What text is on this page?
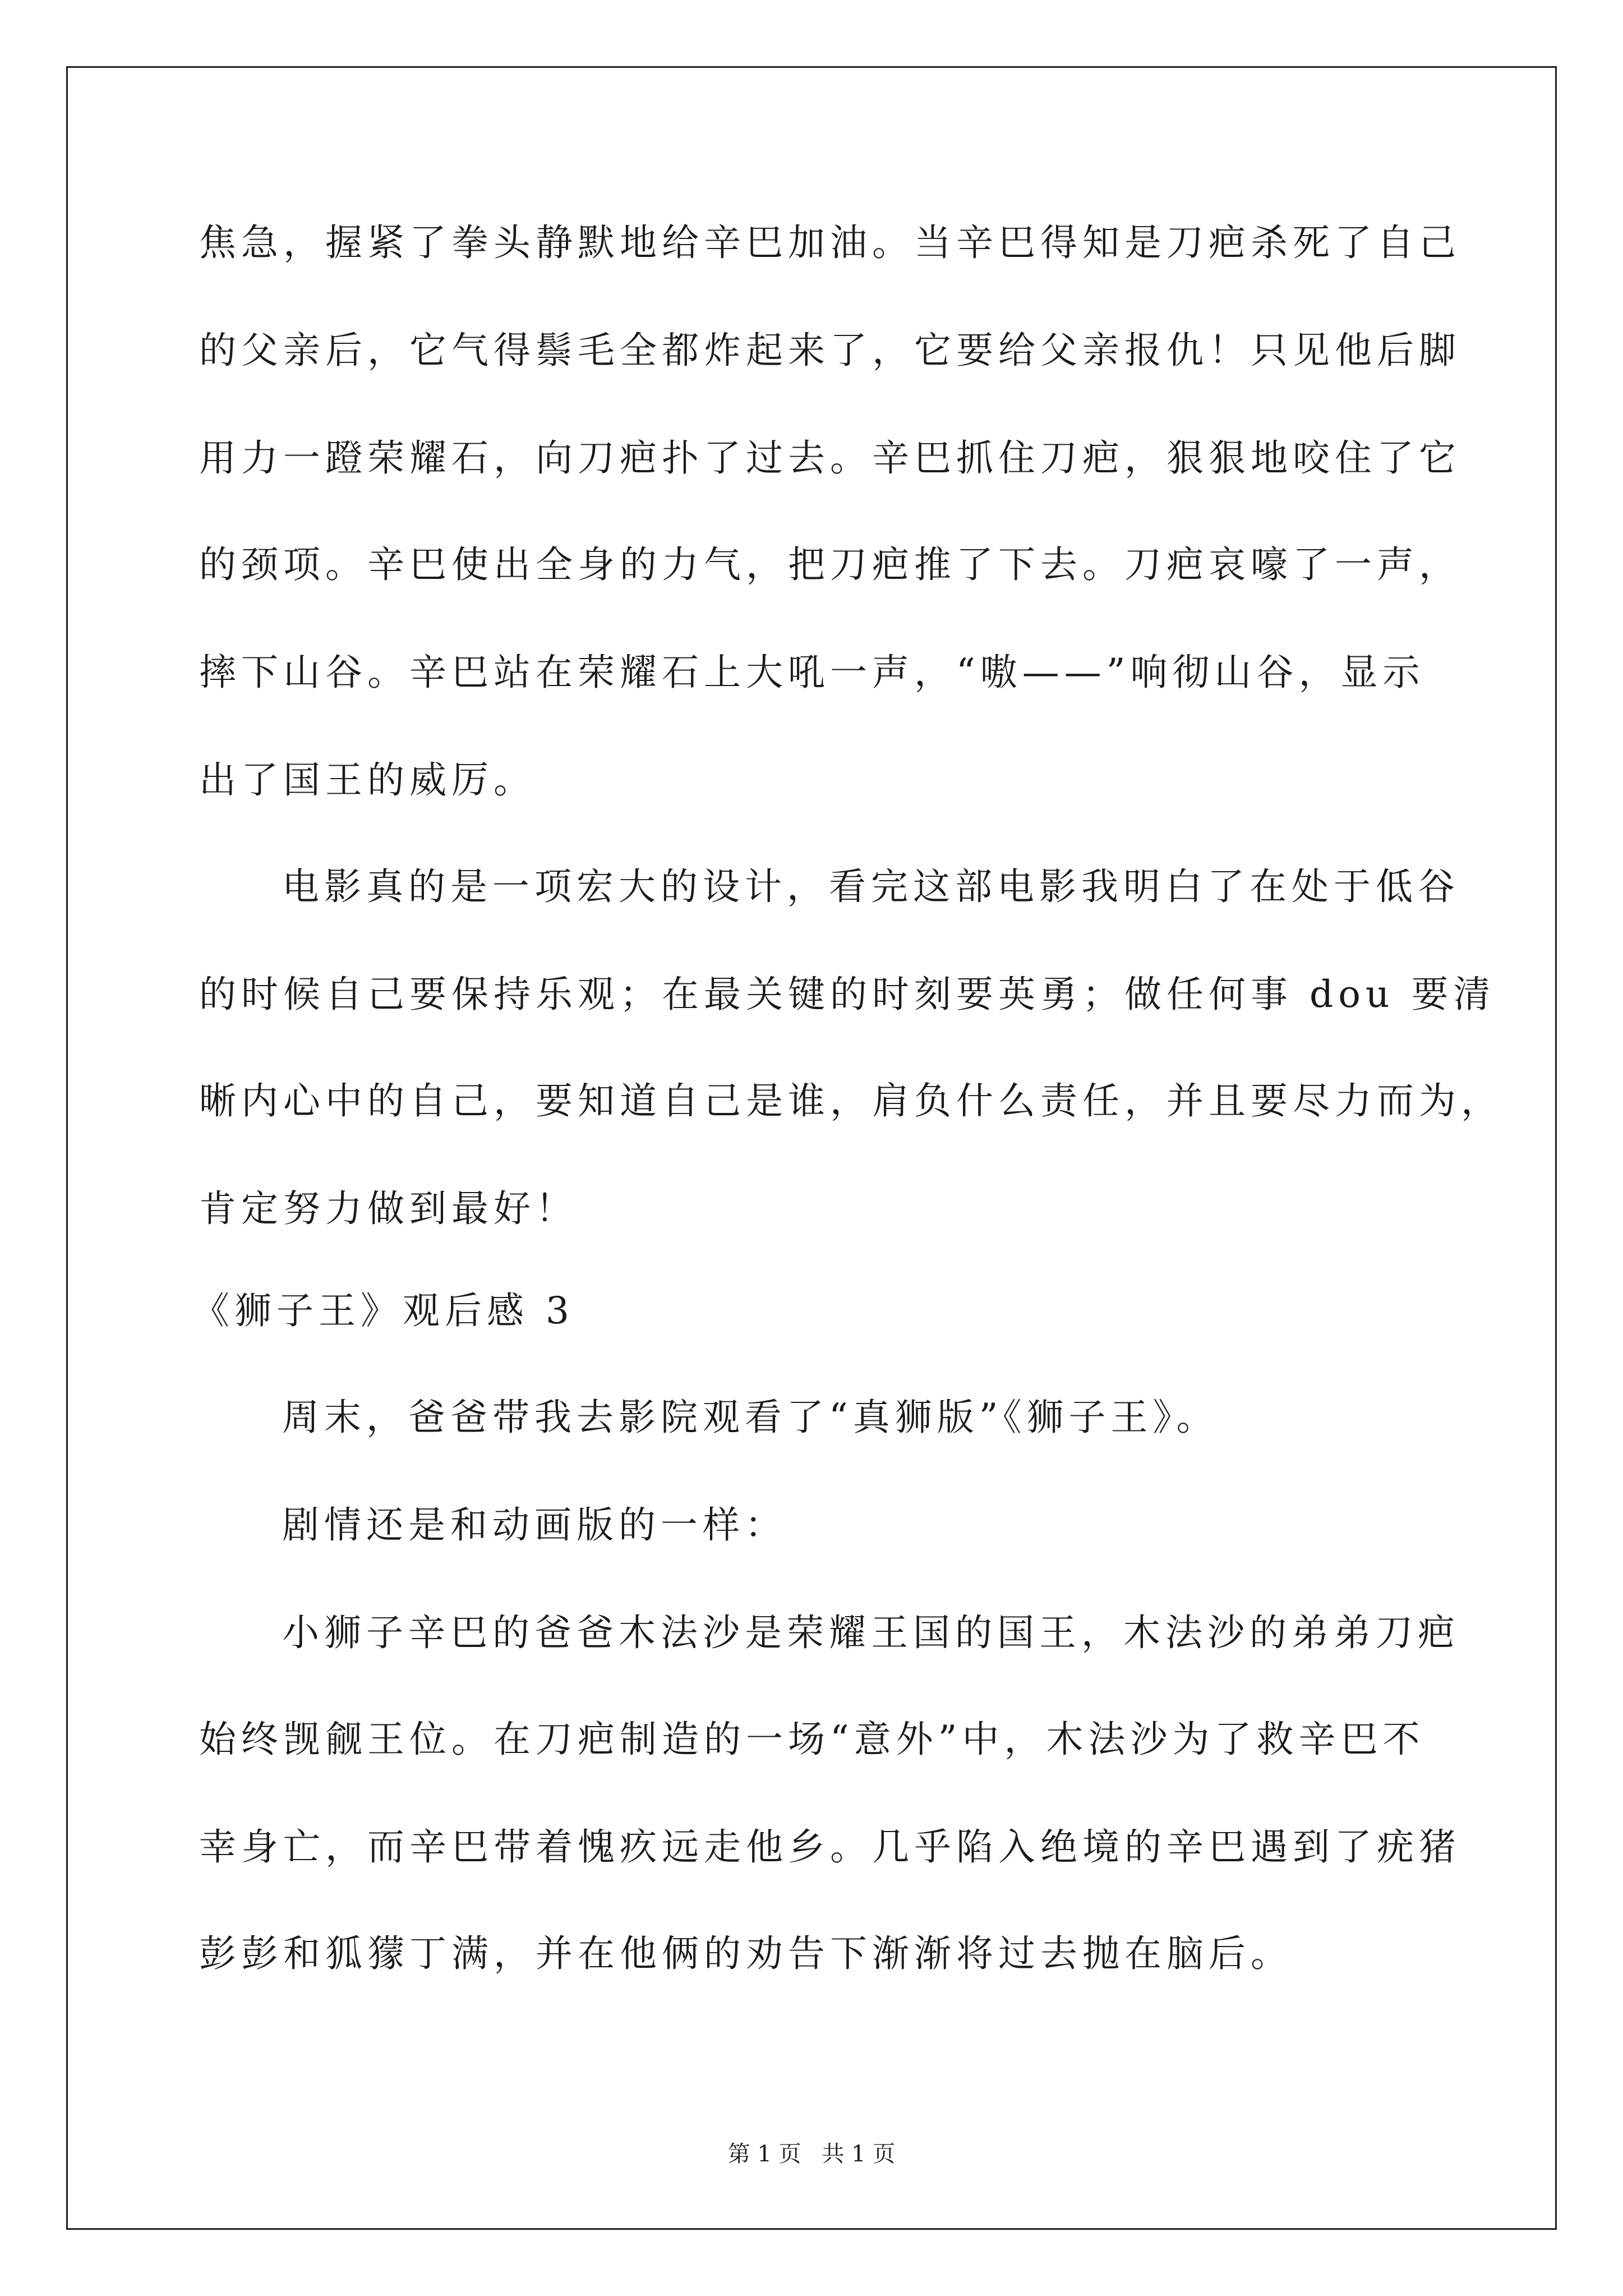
焦急，握紧了拳头静默地给辛巴加油。当辛巴得知是刀疤杀死了自己
的父亲后，它气得鬃毛全都炸起来了，它要给父亲报仇！只见他后脚
用力一蹬荣耀石，向刀疤扑了过去。辛巴抓住刀疤，狠狠地咬住了它
的颈项。辛巴使出全身的力气，把刀疤推了下去。刀疤哀嚎了一声，
摔下山谷。辛巴站在荣耀石上大吼一声，“嗷——”响彻山谷，显示
出了国王的威厉。
电影真的是一项宏大的设计，看完这部电影我明白了在处于低谷
的时候自己要保持乐观；在最关键的时刻要英勇；做任何事 dou 要清
晰内心中的自己，要知道自己是谁，肩负什么责任，并且要尽力而为，
肯定努力做到最好！
《狮子王》观后感 3
周末，爸爸带我去影院观看了“真狮版”《狮子王》。
剧情还是和动画版的一样：
小狮子辛巴的爸爸木法沙是荣耀王国的国王，木法沙的弟弟刀疤
始终觊觎王位。在刀疤制造的一场“意外”中，木法沙为了救辛巴不
幸身亡，而辛巴带着愧疚远走他乡。几乎陷入绝境的辛巴遇到了疣猪
彭彭和狐獴丁满，并在他俩的劝告下渐渐将过去抛在脑后。
第 1 页 共 1 页
